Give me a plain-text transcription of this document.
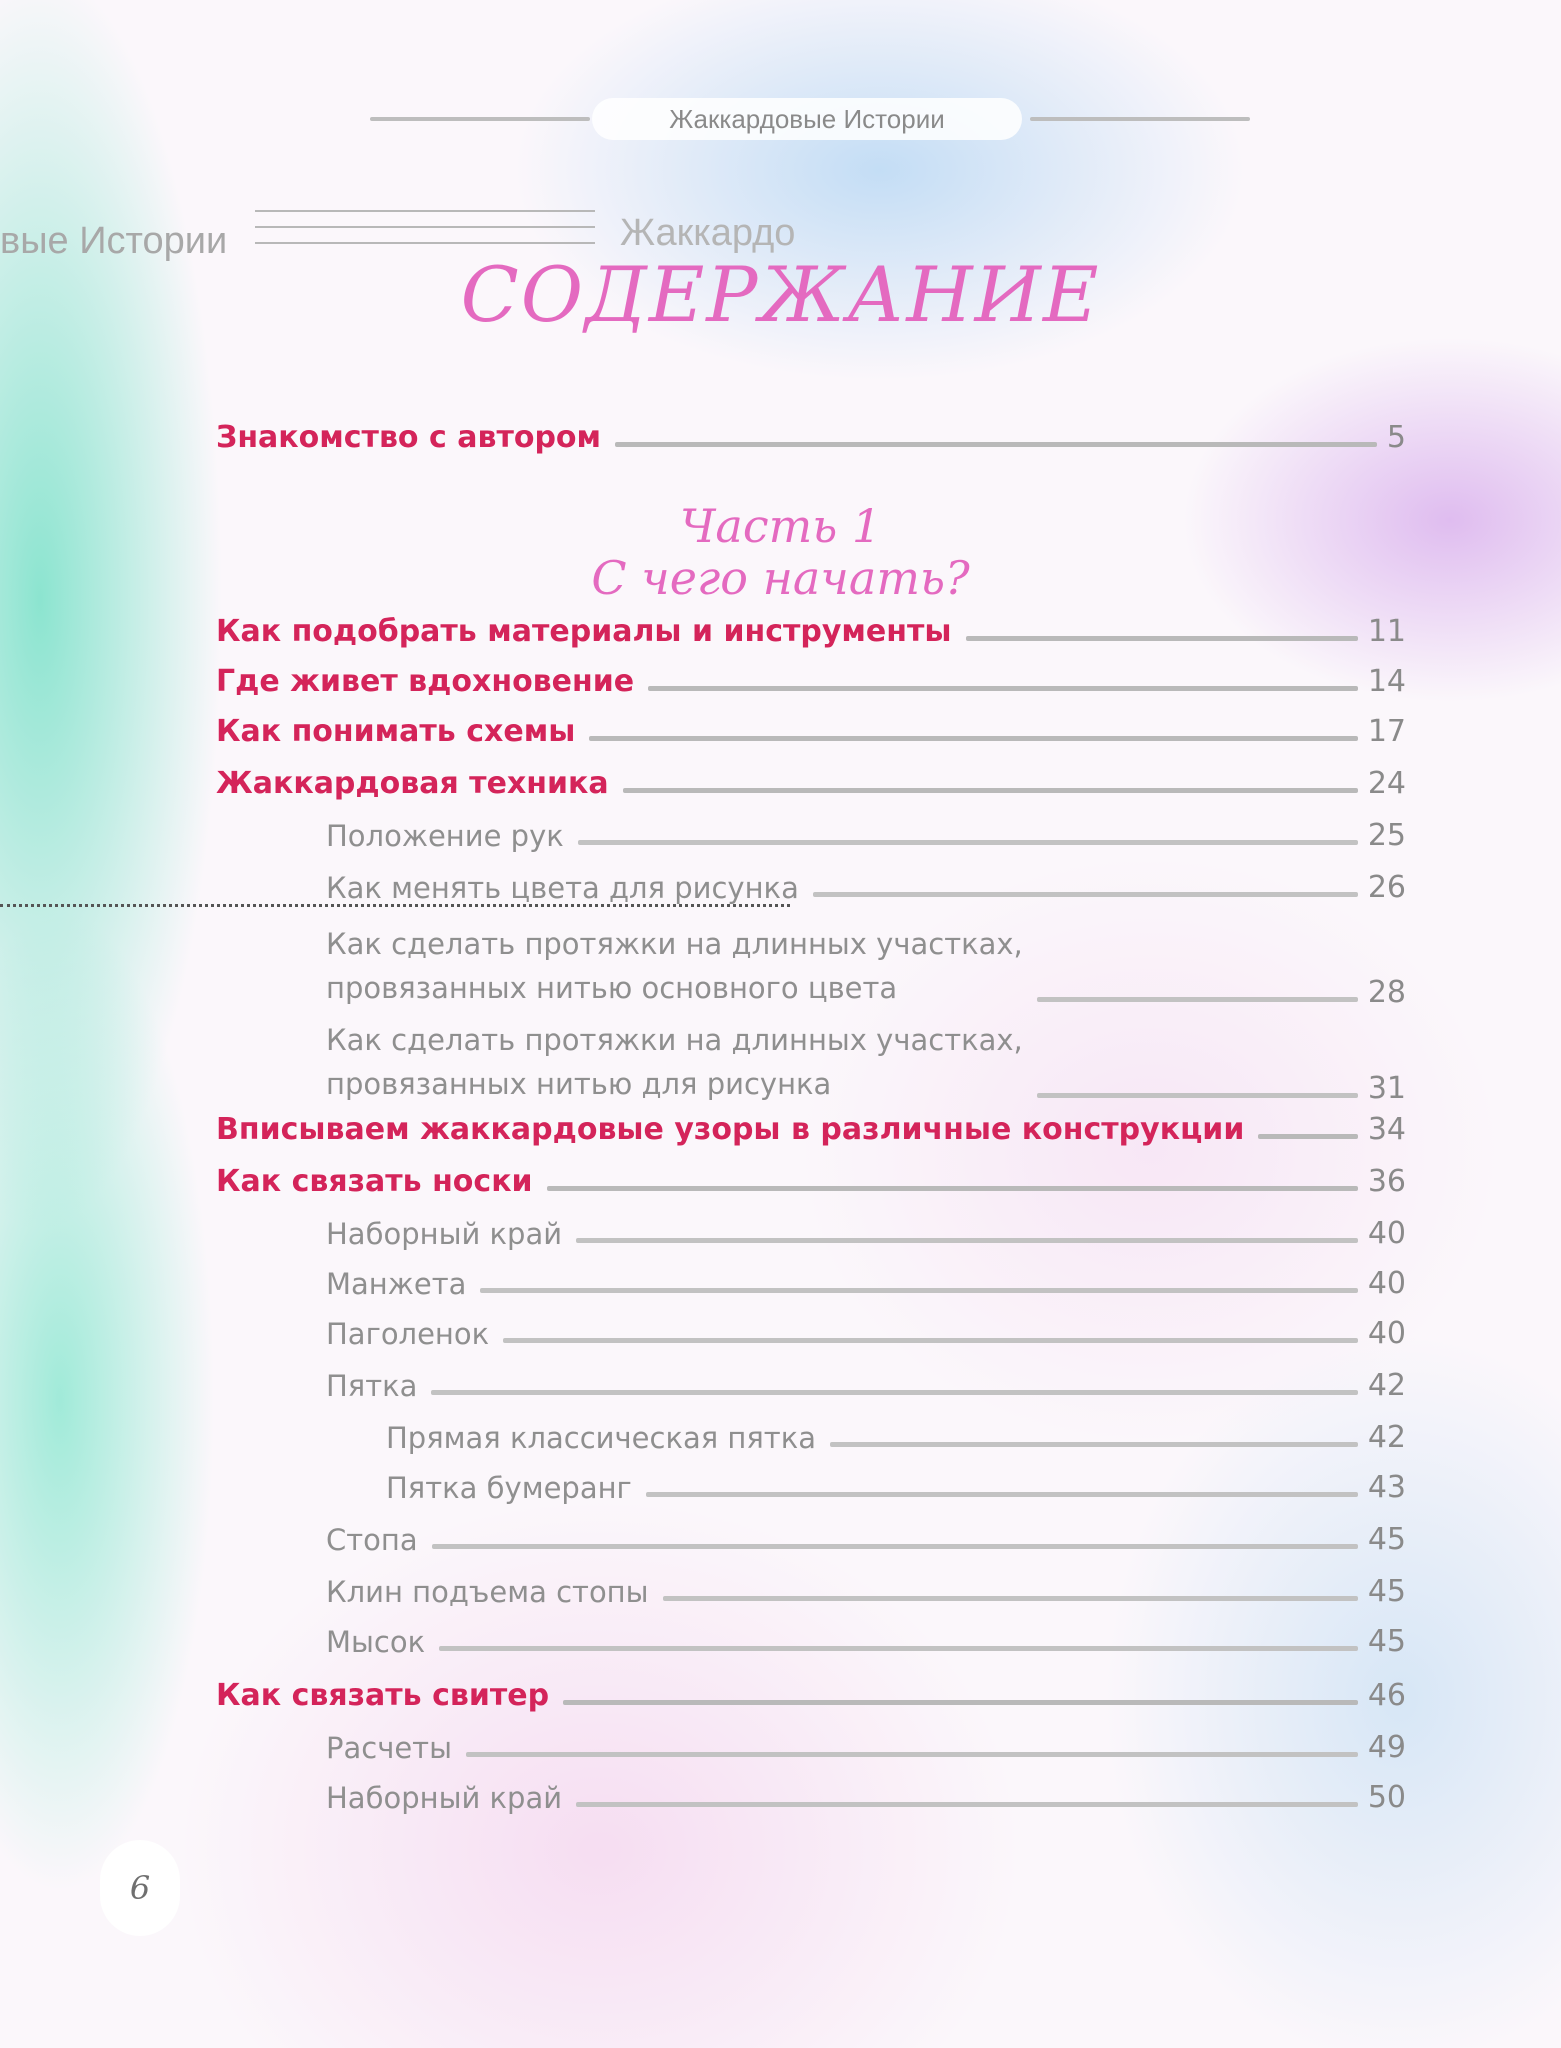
Жаккардовые Истории
вые Истории	Жаккардо
СОДЕРЖАНИЕ
Знакомство с автором	5
Часть 1
С чего начать?
Как подобрать материалы и инструменты	11
Где живет вдохновение	14
Как понимать схемы	17
Жаккардовая техника	24
Положение рук	25
Как менять цвета для рисунка	26
Как сделать протяжки на длинных участках,
провязанных нитью основного цвета	28
Как сделать протяжки на длинных участках,
провязанных нитью для рисунка	31
Вписываем жаккардовые узоры в различные конструкции	34
Как связать носки	36
Наборный край	40
Манжета	40
Паголенок	40
Пятка	42
Прямая классическая пятка	42
Пятка бумеранг	43
Стопа	45
Клин подъема стопы	45
Мысок	45
Как связать свитер	46
Расчеты	49
Наборный край	50
6
